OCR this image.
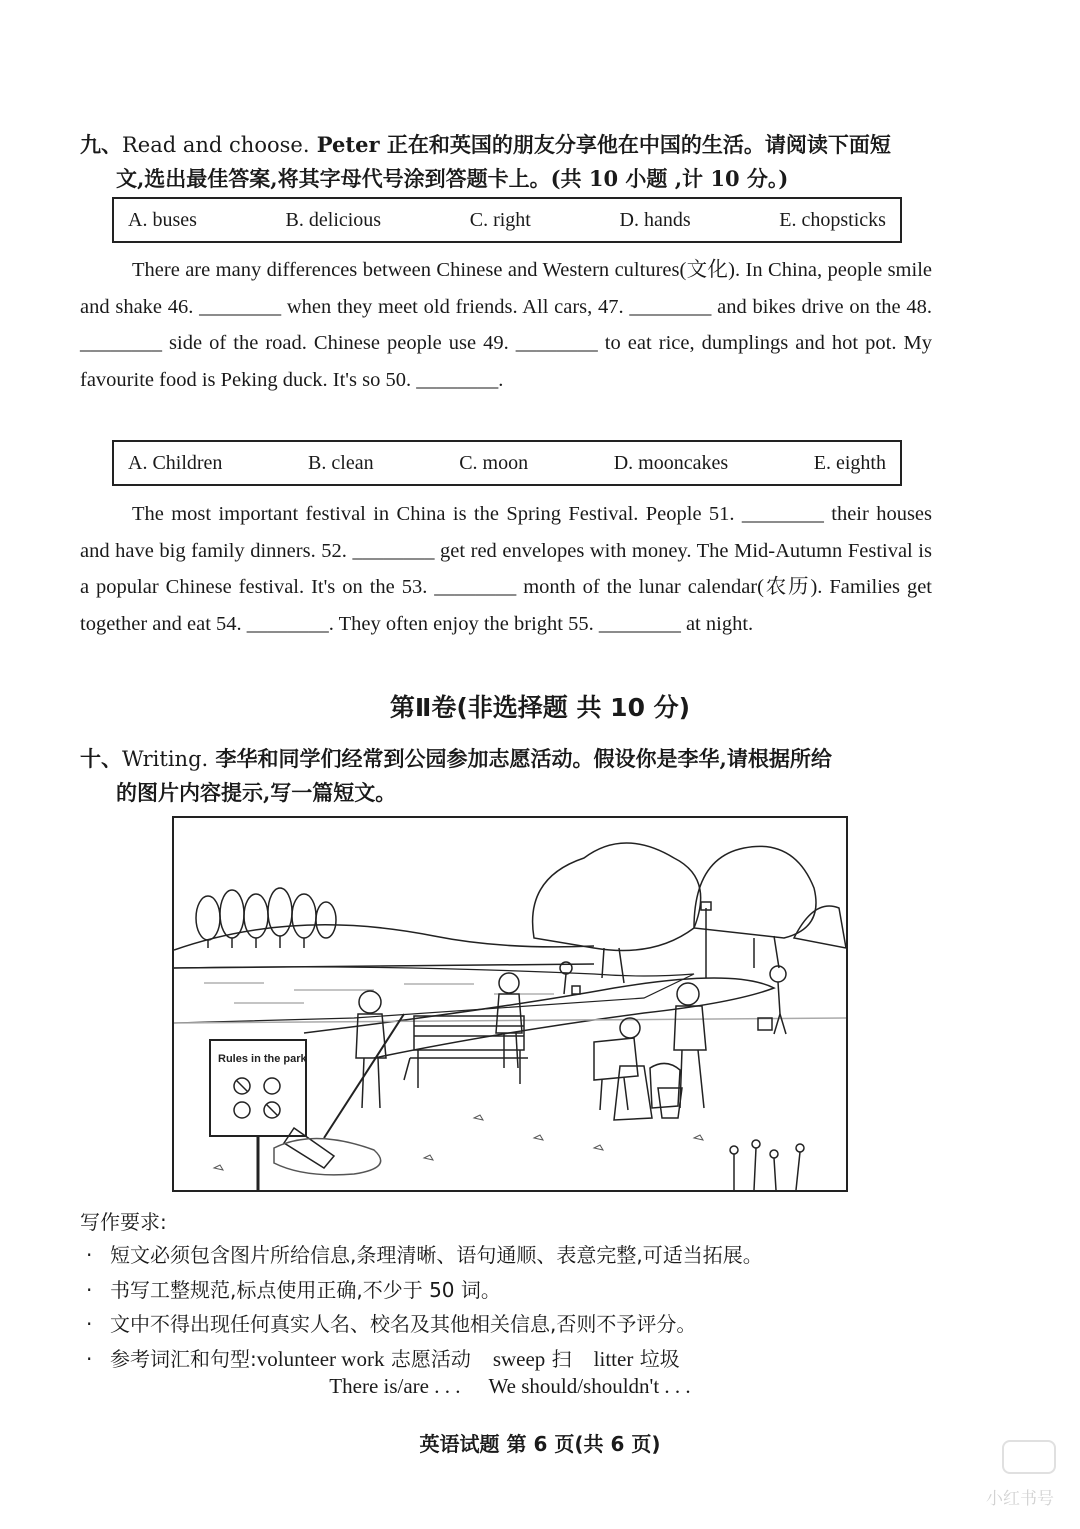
九、Read and choose. Peter 正在和英国的朋友分享他在中国的生活。请阅读下面短
文,选出最佳答案,将其字母代号涂到答题卡上。(共 10 小题 ,计 10 分。)
A. buses	B. delicious	C. right	D. hands	E. chopsticks
There are many differences between Chinese and Western cultures(文化). In China, people smile and shake 46. ________ when they meet old friends. All cars, 47. ________ and bikes drive on the 48. ________ side of the road. Chinese people use 49. ________ to eat rice, dumplings and hot pot. My favourite food is Peking duck. It's so 50. ________.
A. Children	B. clean	C. moon	D. mooncakes	E. eighth
The most important festival in China is the Spring Festival. People 51. ________ their houses and have big family dinners. 52. ________ get red envelopes with money. The Mid-Autumn Festival is a popular Chinese festival. It's on the 53. ________ month of the lunar calendar(农历). Families get together and eat 54. ________. They often enjoy the bright 55. ________ at night.
第Ⅱ卷(非选择题 共 10 分)
十、Writing. 李华和同学们经常到公园参加志愿活动。假设你是李华,请根据所给
的图片内容提示,写一篇短文。
Rules in the park
写作要求:
· 短文必须包含图片所给信息,条理清晰、语句通顺、表意完整,可适当拓展。
· 书写工整规范,标点使用正确,不少于 50 词。
· 文中不得出现任何真实人名、校名及其他相关信息,否则不予评分。
· 参考词汇和句型:volunteer work 志愿活动 sweep 扫 litter 垃圾
There is/are . . . We should/shouldn't . . .
英语试题 第 6 页(共 6 页)
小红书号
